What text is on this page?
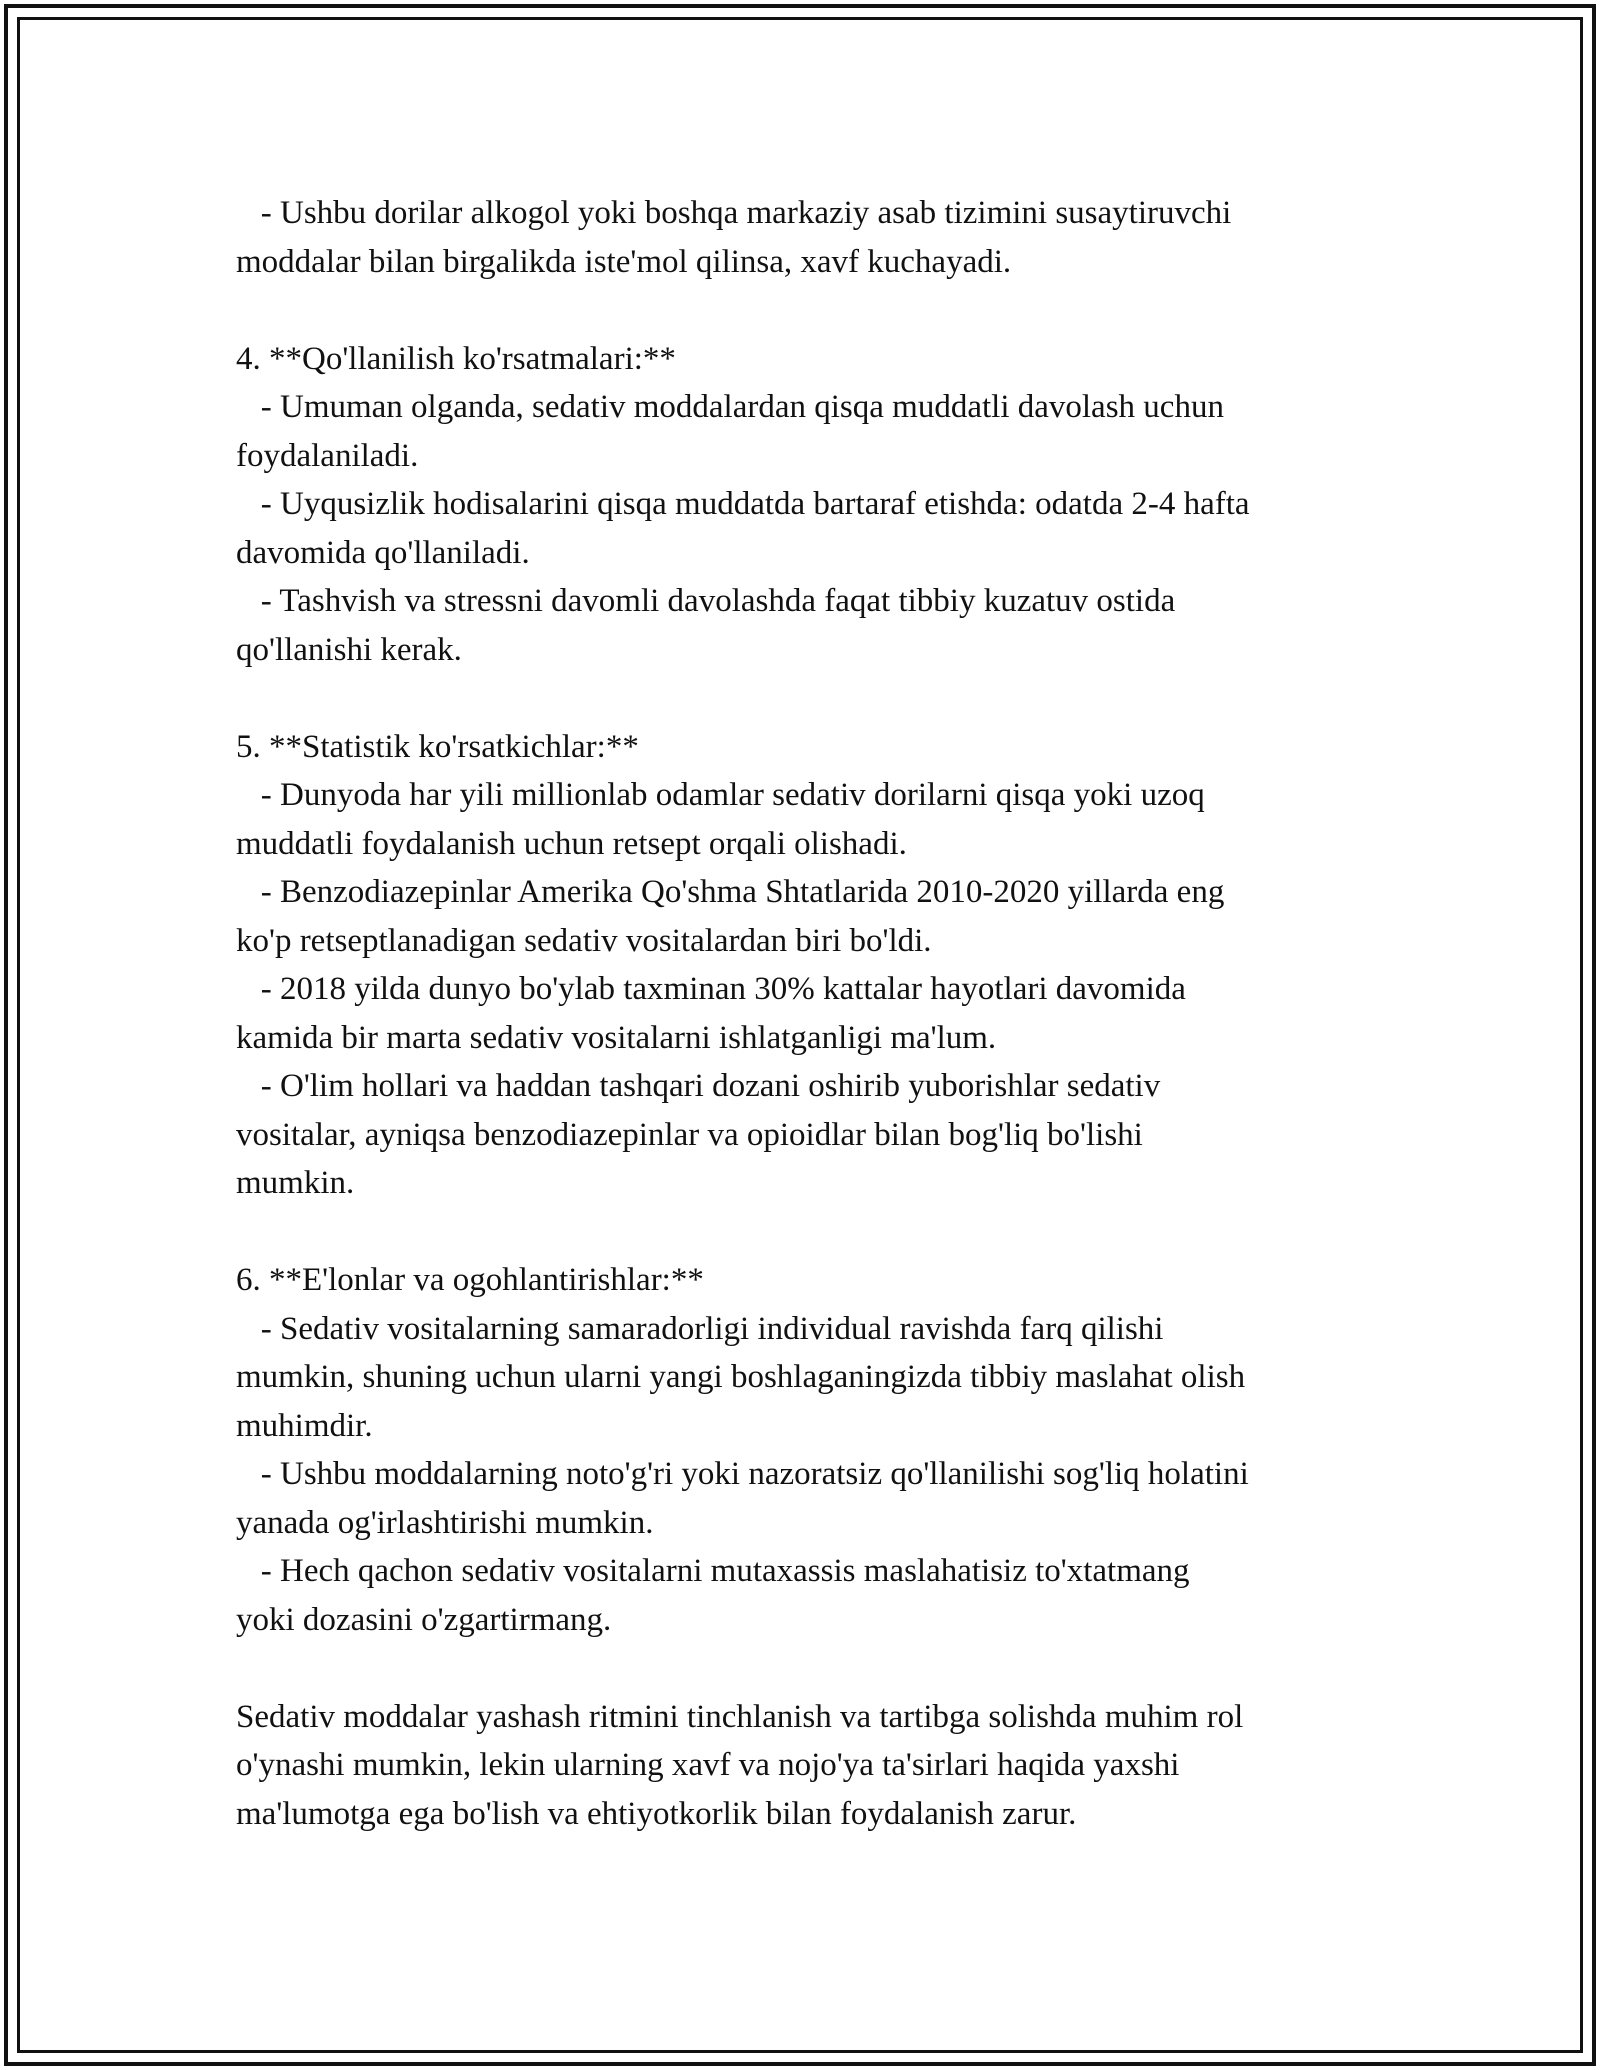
- Ushbu dorilar alkogol yoki boshqa markaziy asab tizimini susaytiruvchi
moddalar bilan birgalikda iste'mol qilinsa, xavf kuchayadi.
4. **Qo'llanilish ko'rsatmalari:**
- Umuman olganda, sedativ moddalardan qisqa muddatli davolash uchun
foydalaniladi.
- Uyqusizlik hodisalarini qisqa muddatda bartaraf etishda: odatda 2-4 hafta
davomida qo'llaniladi.
- Tashvish va stressni davomli davolashda faqat tibbiy kuzatuv ostida
qo'llanishi kerak.
5. **Statistik ko'rsatkichlar:**
- Dunyoda har yili millionlab odamlar sedativ dorilarni qisqa yoki uzoq
muddatli foydalanish uchun retsept orqali olishadi.
- Benzodiazepinlar Amerika Qo'shma Shtatlarida 2010-2020 yillarda eng
ko'p retseptlanadigan sedativ vositalardan biri bo'ldi.
- 2018 yilda dunyo bo'ylab taxminan 30% kattalar hayotlari davomida
kamida bir marta sedativ vositalarni ishlatganligi ma'lum.
- O'lim hollari va haddan tashqari dozani oshirib yuborishlar sedativ
vositalar, ayniqsa benzodiazepinlar va opioidlar bilan bog'liq bo'lishi
mumkin.
6. **E'lonlar va ogohlantirishlar:**
- Sedativ vositalarning samaradorligi individual ravishda farq qilishi
mumkin, shuning uchun ularni yangi boshlaganingizda tibbiy maslahat olish
muhimdir.
- Ushbu moddalarning noto'g'ri yoki nazoratsiz qo'llanilishi sog'liq holatini
yanada og'irlashtirishi mumkin.
- Hech qachon sedativ vositalarni mutaxassis maslahatisiz to'xtatmang
yoki dozasini o'zgartirmang.
Sedativ moddalar yashash ritmini tinchlanish va tartibga solishda muhim rol
o'ynashi mumkin, lekin ularning xavf va nojo'ya ta'sirlari haqida yaxshi
ma'lumotga ega bo'lish va ehtiyotkorlik bilan foydalanish zarur.
